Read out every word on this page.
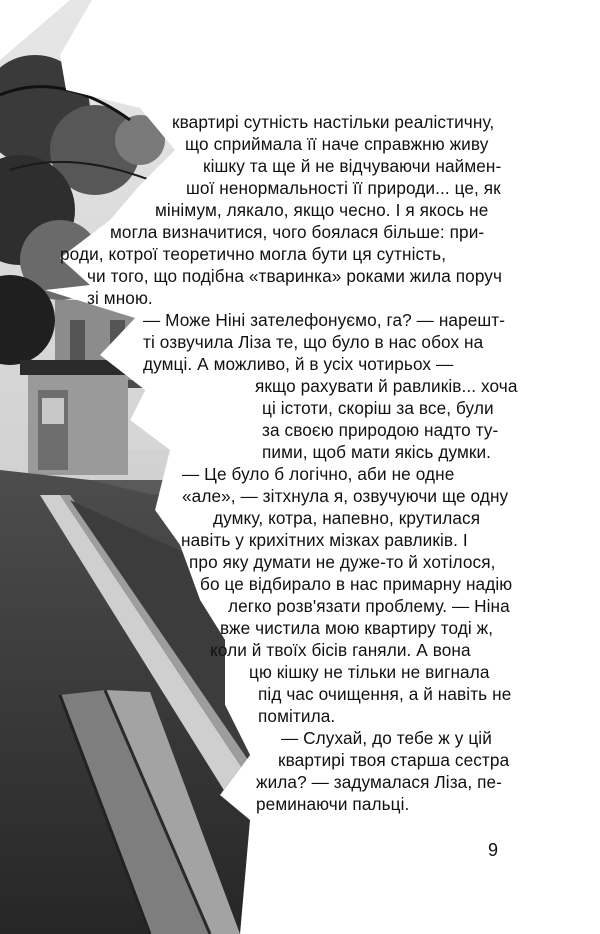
квартирі сутність настільки реалістичну,
що сприймала її наче справжню живу
кішку та ще й не відчуваючи наймен-
шої ненормальності її природи... це, як
мінімум, лякало, якщо чесно. І я якось не
могла визначитися, чого боялася більше: при-
роди, котрої теоретично могла бути ця сутність,
чи того, що подібна «тваринка» роками жила поруч
зі мною.
— Може Ніні зателефонуємо, га? — нарешт-
ті озвучила Ліза те, що було в нас обох на
думці. А можливо, й в усіх чотирьох —
якщо рахувати й равликів... хоча
ці істоти, скоріш за все, були
за своєю природою надто ту-
пими, щоб мати якісь думки.
— Це було б логічно, аби не одне
«але», — зітхнула я, озвучуючи ще одну
думку, котра, напевно, крутилася
навіть у крихітних мізках равликів. І
про яку думати не дуже-то й хотілося,
бо це відбирало в нас примарну надію
легко розв'язати проблему. — Ніна
вже чистила мою квартиру тоді ж,
коли й твоїх бісів ганяли. А вона
цю кішку не тільки не вигнала
під час очищення, а й навіть не
помітила.
— Слухай, до тебе ж у цій
квартирі твоя старша сестра
жила? — задумалася Ліза, пе-
реминаючи пальці.
9
